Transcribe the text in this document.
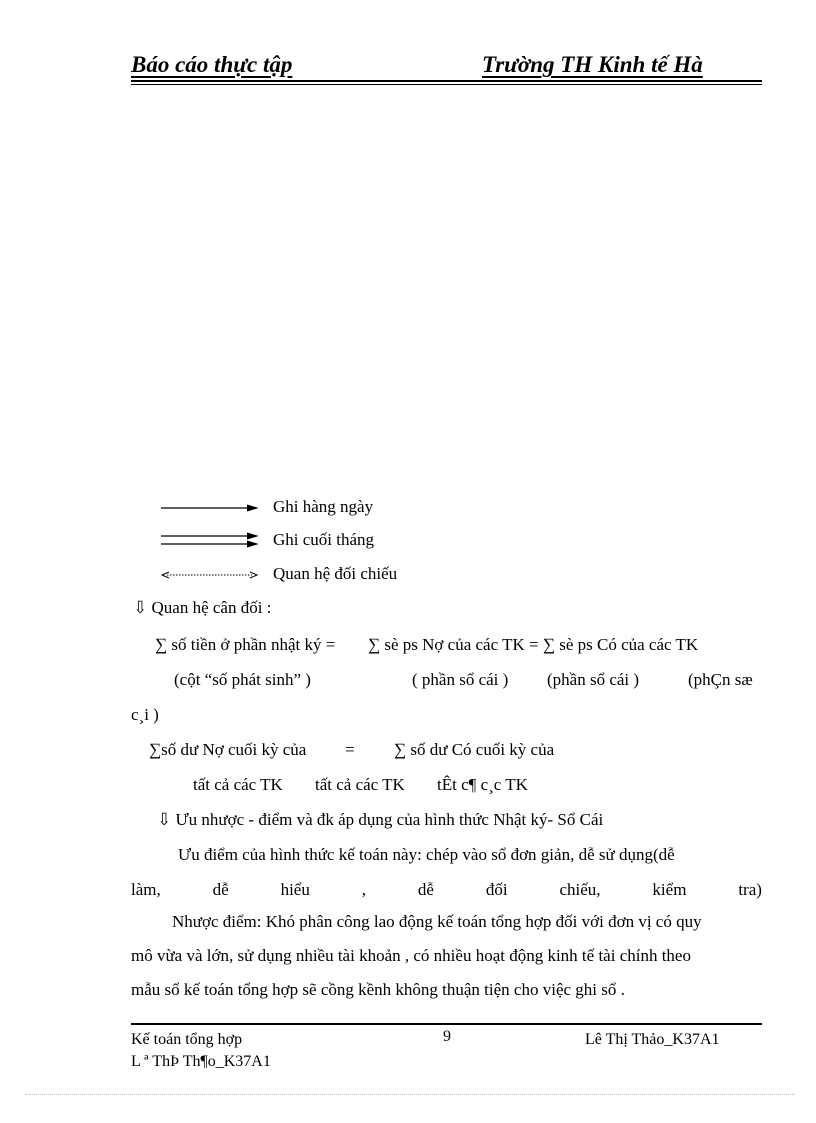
Báo cáo thực tập	Trường TH Kinh tế Hà
Ghi hàng ngày
Ghi cuối tháng
Quan hệ đối chiếu
⇩ Quan hệ cân đối :
∑ số tiền ở phần nhật ký = ∑ sè ps Nợ của các TK = ∑ sè ps Có của các TK
(cột “số phát sinh” )	( phần sổ cái ) (phần sổ cái )	(phÇn sæ
c¸i )
∑số dư Nợ cuối kỳ của = ∑ số dư Có cuối kỳ của
tất cả các TK tất cả các TK tÊt c¶ c¸c TK
⇩ Ưu nhược - điểm và đk áp dụng của hình thức Nhật ký- Sổ Cái
Ưu điểm của hình thức kế toán này: chép vào sổ đơn giản, dễ sử dụng(dễ
làm,	dễ	hiểu	,	dễ	đối	chiếu,	kiểm	tra)
Nhược điểm: Khó phân công lao động kế toán tổng hợp đối với đơn vị có quy
mô vừa và lớn, sử dụng nhiều tài khoản , có nhiều hoạt động kinh tế tài chính theo
mẫu sổ kế toán tổng hợp sẽ cồng kềnh không thuận tiện cho việc ghi sổ .
Kế toán tổng hợp	9	Lê Thị Thảo_K37A1
L ª ThÞ Th¶o_K37A1
